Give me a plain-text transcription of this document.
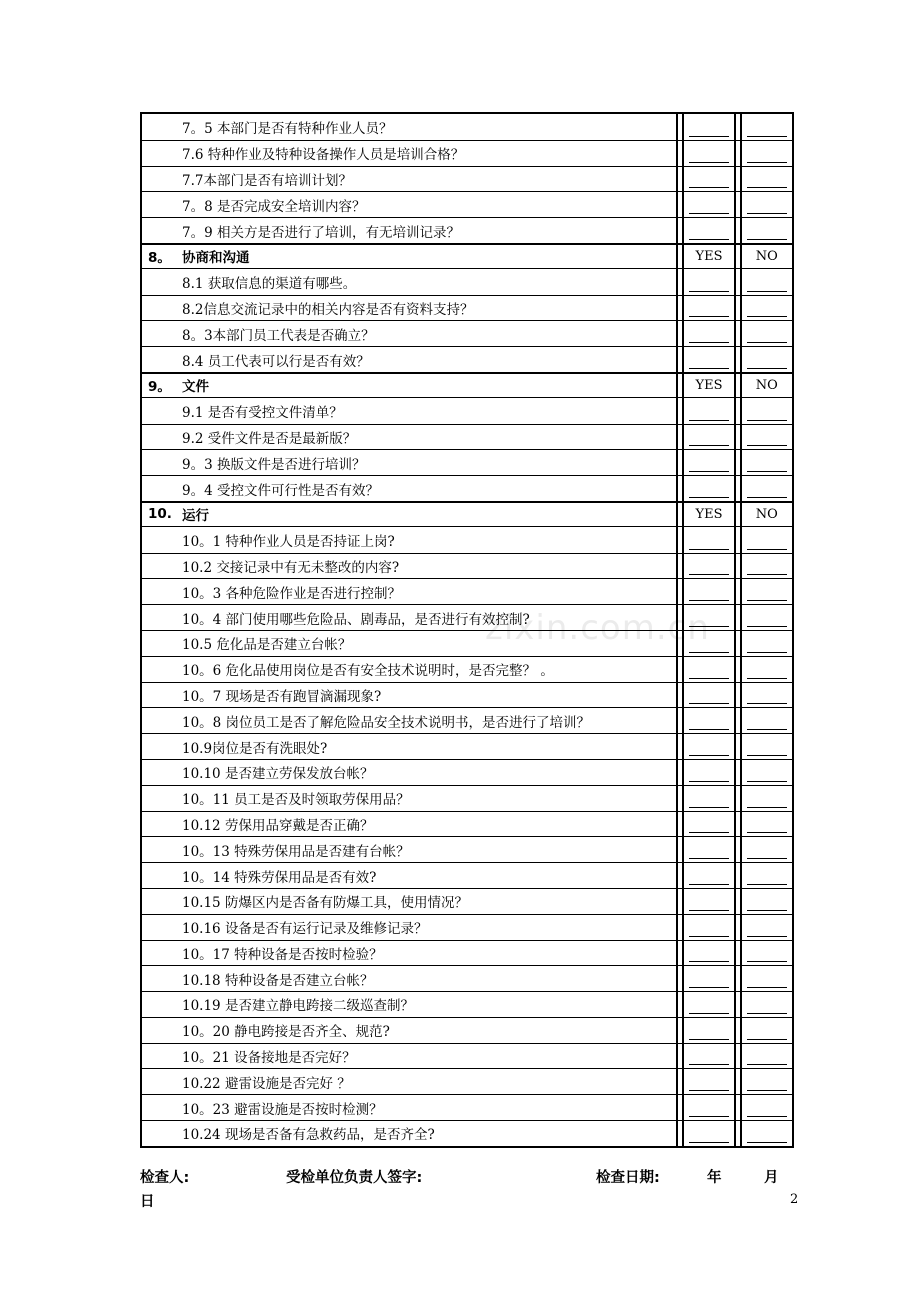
zixin.com.cn
7。5 本部门是否有特种作业人员？
7.6 特种作业及特种设备操作人员是培训合格？
7.7本部门是否有培训计划？
7。8 是否完成安全培训内容？
7。9 相关方是否进行了培训，有无培训记录？
8。 协商和沟通	YES	NO
8.1 获取信息的渠道有哪些。
8.2信息交流记录中的相关内容是否有资料支持？
8。3本部门员工代表是否确立？
8.4 员工代表可以行是否有效？
9。 文件	YES	NO
9.1 是否有受控文件清单？
9.2 受件文件是否是最新版？
9。3 换版文件是否进行培训？
9。4 受控文件可行性是否有效？
10. 运行	YES	NO
10。1 特种作业人员是否持证上岗?
10.2 交接记录中有无未整改的内容?
10。3 各种危险作业是否进行控制？
10。4 部门使用哪些危险品、剧毒品，是否进行有效控制?
10.5 危化品是否建立台帐？
10。6 危化品使用岗位是否有安全技术说明时，是否完整？ 。
10。7 现场是否有跑冒滴漏现象?
10。8 岗位员工是否了解危险品安全技术说明书，是否进行了培训？
10.9岗位是否有洗眼处?
10.10 是否建立劳保发放台帐？
10。11 员工是否及时领取劳保用品？
10.12 劳保用品穿戴是否正确？
10。13 特殊劳保用品是否建有台帐？
10。14 特殊劳保用品是否有效?
10.15 防爆区内是否备有防爆工具，使用情况？
10.16 设备是否有运行记录及维修记录？
10。17 特种设备是否按时检验？
10.18 特种设备是否建立台帐？
10.19 是否建立静电跨接二级巡查制？
10。20 静电跨接是否齐全、规范?
10。21 设备接地是否完好？
10.22 避雷设施是否完好 ？
10。23 避雷设施是否按时检测？
10.24 现场是否备有急救药品，是否齐全?
检查人:	受检单位负责人签字:	检查日期:	年	月
日	2
